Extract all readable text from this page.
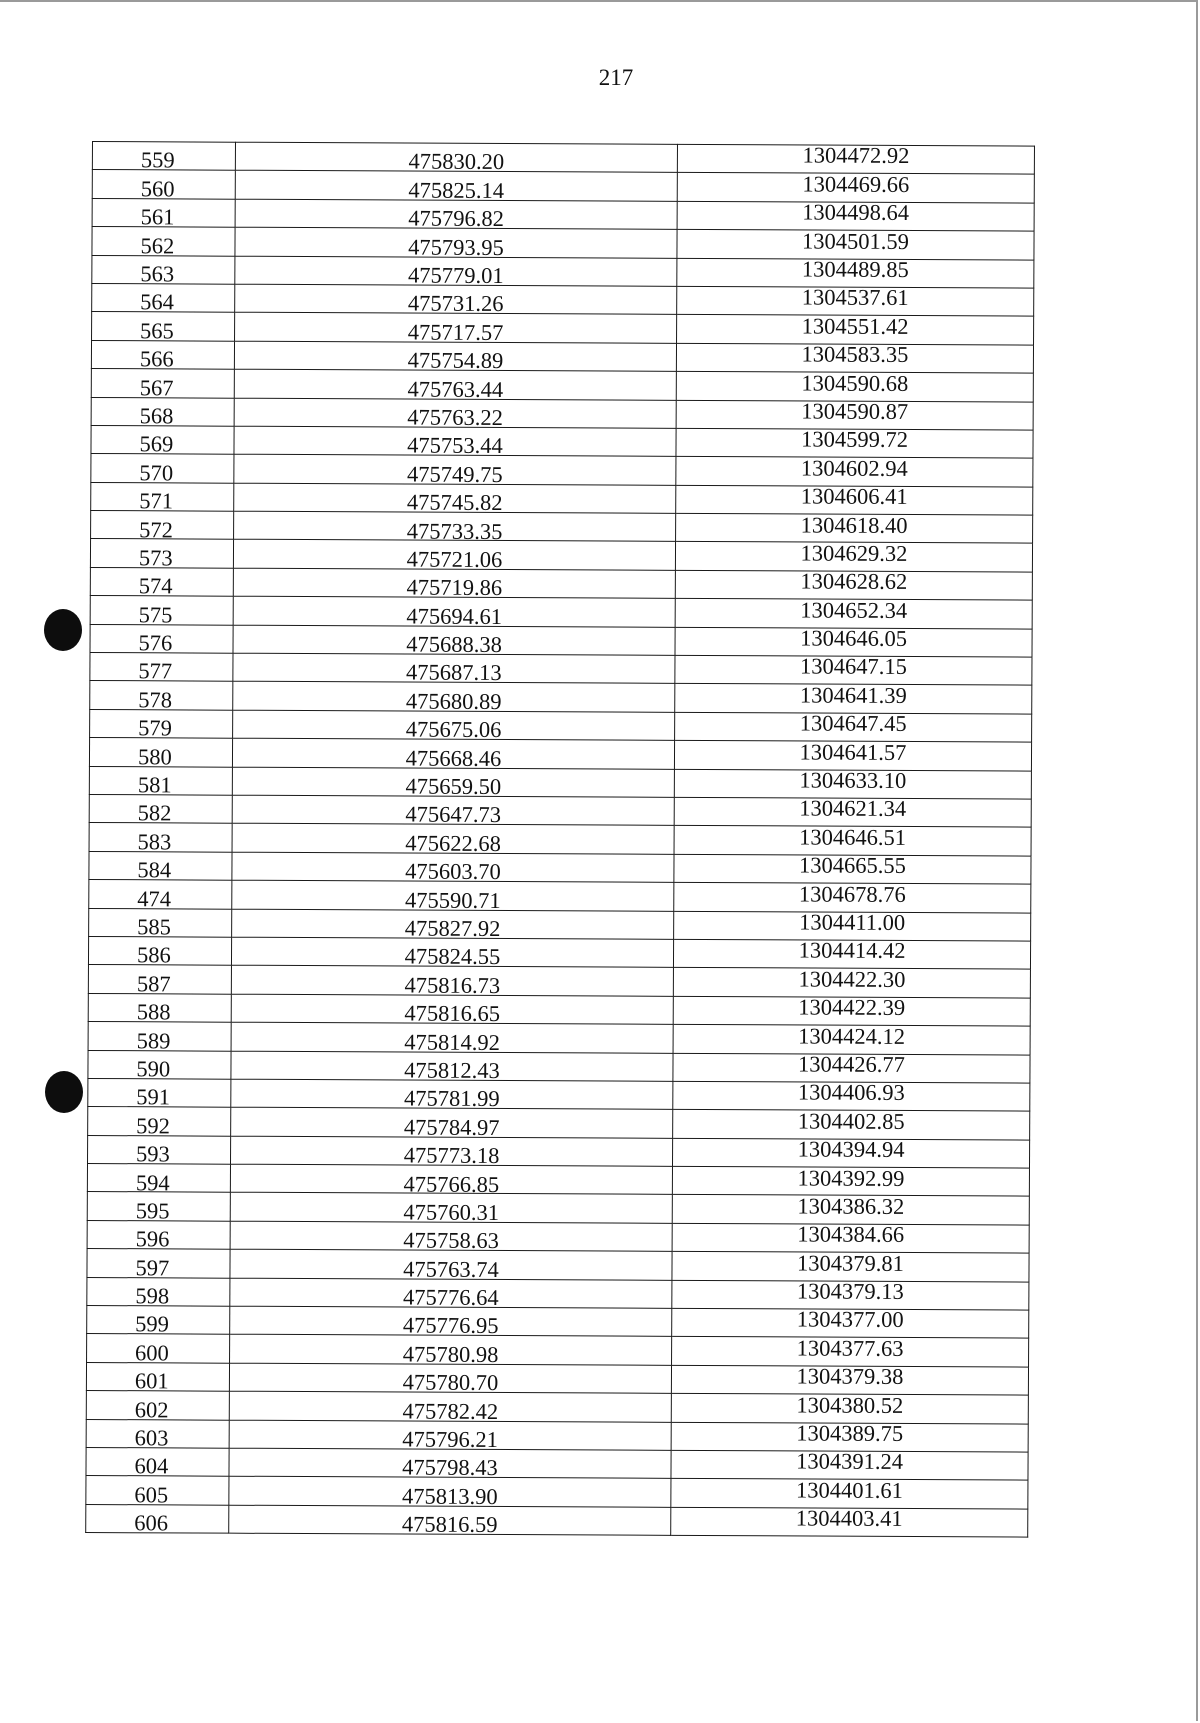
217
559	475830.20	1304472.92
560	475825.14	1304469.66
561	475796.82	1304498.64
562	475793.95	1304501.59
563	475779.01	1304489.85
564	475731.26	1304537.61
565	475717.57	1304551.42
566	475754.89	1304583.35
567	475763.44	1304590.68
568	475763.22	1304590.87
569	475753.44	1304599.72
570	475749.75	1304602.94
571	475745.82	1304606.41
572	475733.35	1304618.40
573	475721.06	1304629.32
574	475719.86	1304628.62
575	475694.61	1304652.34
576	475688.38	1304646.05
577	475687.13	1304647.15
578	475680.89	1304641.39
579	475675.06	1304647.45
580	475668.46	1304641.57
581	475659.50	1304633.10
582	475647.73	1304621.34
583	475622.68	1304646.51
584	475603.70	1304665.55
474	475590.71	1304678.76
585	475827.92	1304411.00
586	475824.55	1304414.42
587	475816.73	1304422.30
588	475816.65	1304422.39
589	475814.92	1304424.12
590	475812.43	1304426.77
591	475781.99	1304406.93
592	475784.97	1304402.85
593	475773.18	1304394.94
594	475766.85	1304392.99
595	475760.31	1304386.32
596	475758.63	1304384.66
597	475763.74	1304379.81
598	475776.64	1304379.13
599	475776.95	1304377.00
600	475780.98	1304377.63
601	475780.70	1304379.38
602	475782.42	1304380.52
603	475796.21	1304389.75
604	475798.43	1304391.24
605	475813.90	1304401.61
606	475816.59	1304403.41
